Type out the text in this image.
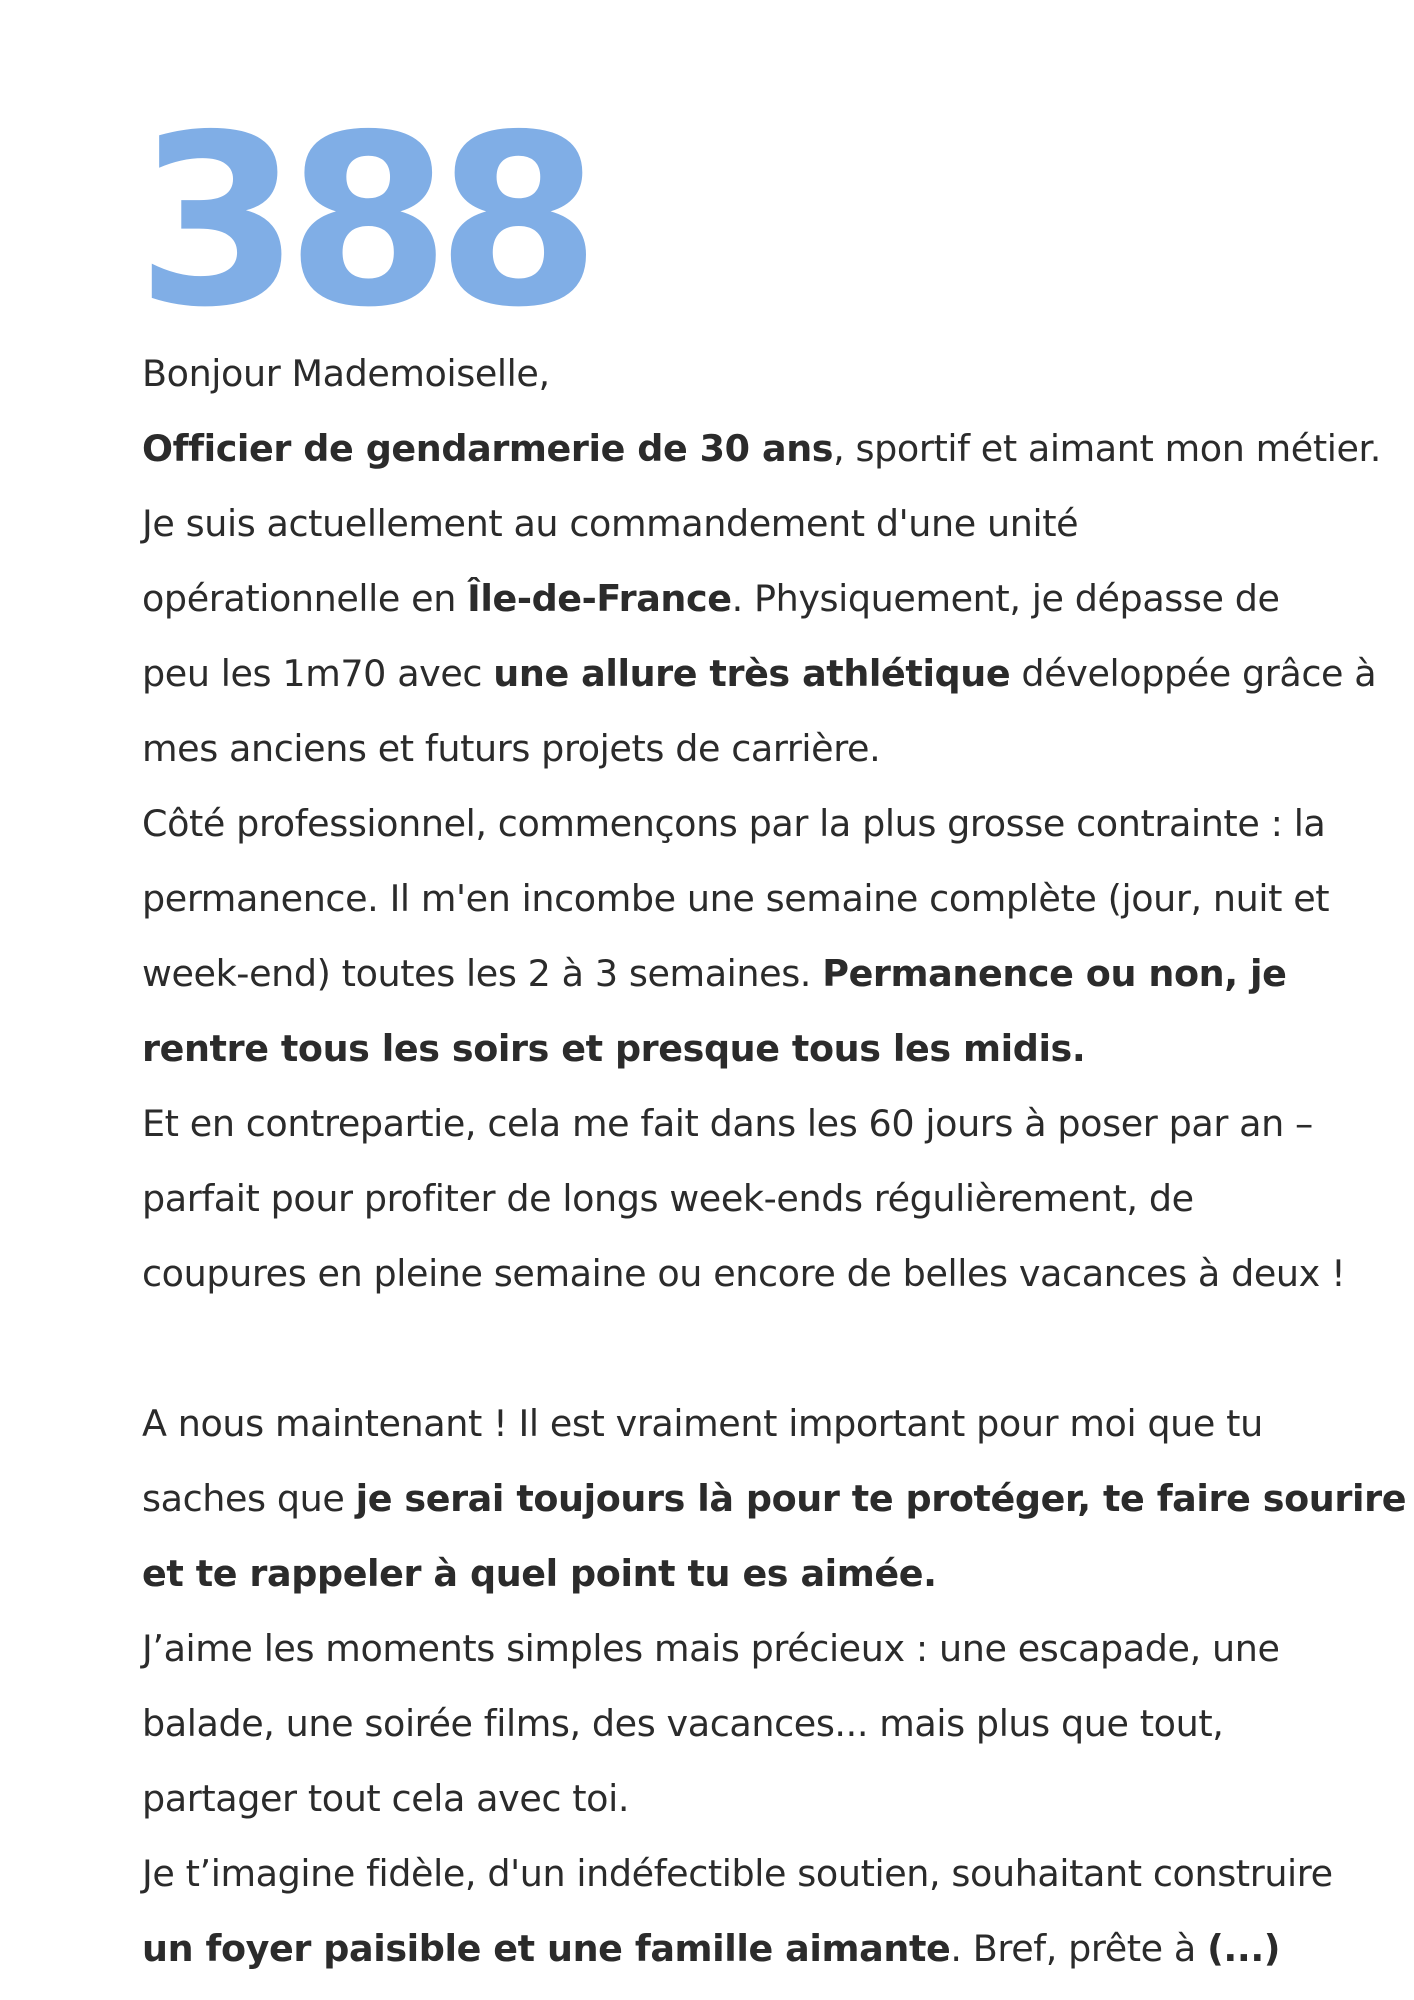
388

Bonjour Mademoiselle,

Officier de gendarmerie de 30 ans, sportif et aimant mon métier.

Je suis actuellement au commandement d'une unité

opérationnelle en Île-de-France. Physiquement, je dépasse de

peu les 1m70 avec une allure très athlétique développée grâce à

mes anciens et futurs projets de carrière.

Côté professionnel, commençons par la plus grosse contrainte : la

permanence. Il m'en incombe une semaine complète (jour, nuit et

week-end) toutes les 2 à 3 semaines. Permanence ou non, je

rentre tous les soirs et presque tous les midis.

Et en contrepartie, cela me fait dans les 60 jours à poser par an –

parfait pour profiter de longs week-ends régulièrement, de

coupures en pleine semaine ou encore de belles vacances à deux !

A nous maintenant ! Il est vraiment important pour moi que tu

saches que je serai toujours là pour te protéger, te faire sourire

et te rappeler à quel point tu es aimée.

J’aime les moments simples mais précieux : une escapade, une

balade, une soirée films, des vacances... mais plus que tout,

partager tout cela avec toi.

Je t’imagine fidèle, d'un indéfectible soutien, souhaitant construire

un foyer paisible et une famille aimante. Bref, prête à (...)
